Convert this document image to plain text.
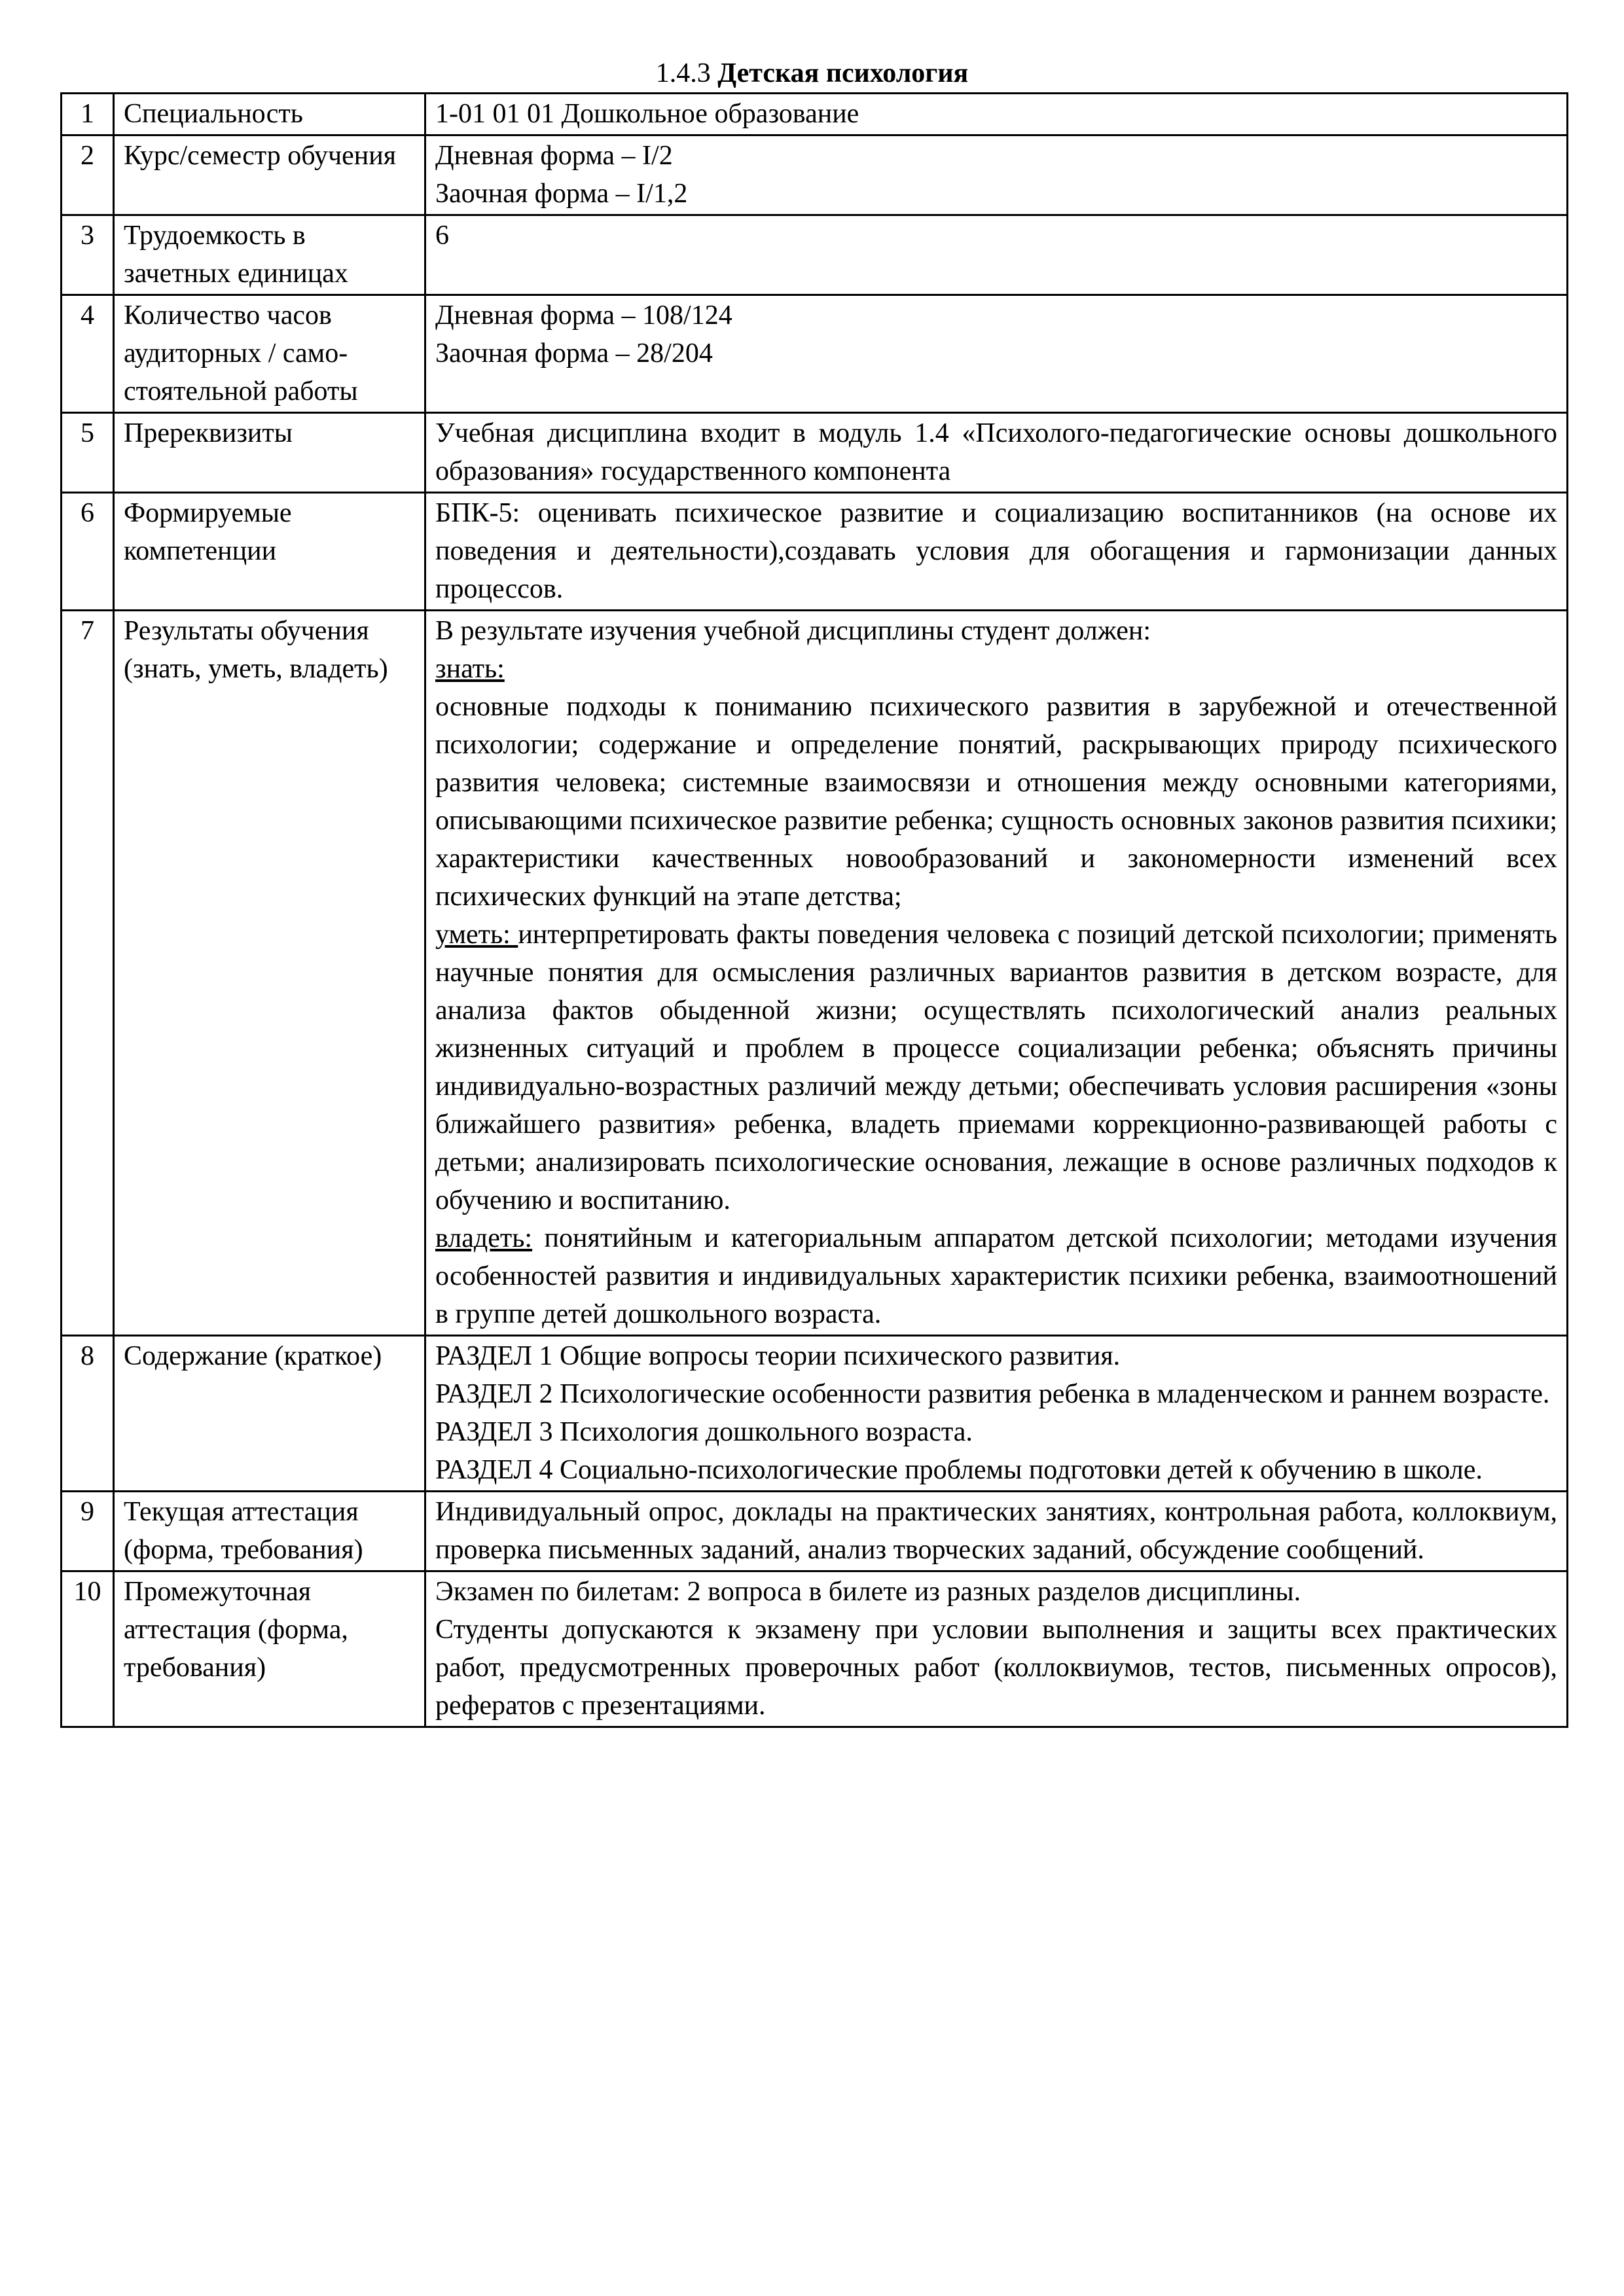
1.4.3 Детская психология
1	Специальность	1-01 01 01 Дошкольное образование

2	Курс/семестр обучения	Дневная форма – I/2
Заочная форма – I/1,2

3	Трудоемкость в зачетных единицах	6

4	Количество часов аудиторных / само- стоятельной работы	Дневная форма – 108/124
Заочная форма – 28/204

5	Пререквизиты	Учебная дисциплина входит в модуль 1.4 «Психолого-педагогические основы дошкольного образования» государственного компонента

6	Формируемые компетенции	БПК-5: оценивать психическое развитие и социализацию воспитанников (на основе их поведения и деятельности),создавать условия для обогащения и гармонизации данных процессов.

7	Результаты обучения (знать, уметь, владеть)	В результате изучения учебной дисциплины студент должен:
знать:
основные подходы к пониманию психического развития в зарубежной и отечественной психологии; содержание и определение понятий, раскрывающих природу психического развития человека; системные взаимосвязи и отношения между основными категориями, описывающими психическое развитие ребенка; сущность основных законов развития психики; характеристики качественных новообразований и закономерности изменений всех психических функций на этапе детства;
уметь: интерпретировать факты поведения человека с позиций детской психологии; применять научные понятия для осмысления различных вариантов развития в детском возрасте, для анализа фактов обыденной жизни; осуществлять психологический анализ реальных жизненных ситуаций и проблем в процессе социализации ребенка; объяснять причины индивидуально-возрастных различий между детьми; обеспечивать условия расширения «зоны ближайшего развития» ребенка, владеть приемами коррекционно-развивающей работы с детьми; анализировать психологические основания, лежащие в основе различных подходов к обучению и воспитанию.
владеть: понятийным и категориальным аппаратом детской психологии; методами изучения особенностей развития и индивидуальных характеристик психики ребенка, взаимоотношений в группе детей дошкольного возраста.

8	Содержание (краткое)	РАЗДЕЛ 1 Общие вопросы теории психического развития.
РАЗДЕЛ 2 Психологические особенности развития ребенка в младенческом и раннем возрасте.
РАЗДЕЛ 3 Психология дошкольного возраста.
РАЗДЕЛ 4 Социально-психологические проблемы подготовки детей к обучению в школе.

9	Текущая аттестация (форма, требования)	Индивидуальный опрос, доклады на практических занятиях, контрольная работа, коллоквиум, проверка письменных заданий, анализ творческих заданий, обсуждение сообщений.

10	Промежуточная аттестация (форма, требования)	Экзамен по билетам: 2 вопроса в билете из разных разделов дисциплины.
Студенты допускаются к экзамену при условии выполнения и защиты всех практических работ, предусмотренных проверочных работ (коллоквиумов, тестов, письменных опросов), рефератов с презентациями.
